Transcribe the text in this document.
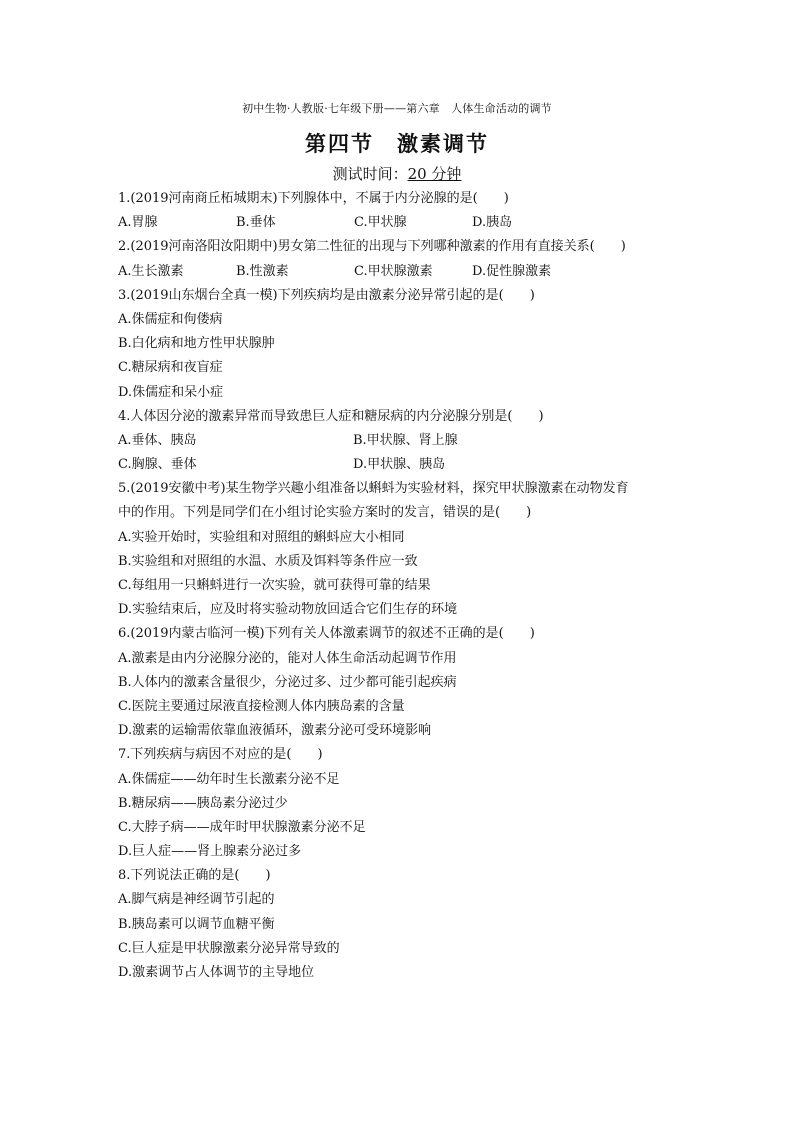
初中生物·人教版·七年级下册——第六章　人体生命活动的调节
第四节　激素调节
测试时间：20 分钟
1.(2019河南商丘柘城期末)下列腺体中，不属于内分泌腺的是(　　)
A.胃腺	B.垂体	C.甲状腺	D.胰岛
2.(2019河南洛阳汝阳期中)男女第二性征的出现与下列哪种激素的作用有直接关系(　　)
A.生长激素	B.性激素	C.甲状腺激素	D.促性腺激素
3.(2019山东烟台全真一模)下列疾病均是由激素分泌异常引起的是(　　)
A.侏儒症和佝偻病
B.白化病和地方性甲状腺肿
C.糖尿病和夜盲症
D.侏儒症和呆小症
4.人体因分泌的激素异常而导致患巨人症和糖尿病的内分泌腺分别是(　　)
A.垂体、胰岛	B.甲状腺、肾上腺
C.胸腺、垂体	D.甲状腺、胰岛
5.(2019安徽中考)某生物学兴趣小组准备以蝌蚪为实验材料，探究甲状腺激素在动物发育
中的作用。下列是同学们在小组讨论实验方案时的发言，错误的是(　　)
A.实验开始时，实验组和对照组的蝌蚪应大小相同
B.实验组和对照组的水温、水质及饵料等条件应一致
C.每组用一只蝌蚪进行一次实验，就可获得可靠的结果
D.实验结束后，应及时将实验动物放回适合它们生存的环境
6.(2019内蒙古临河一模)下列有关人体激素调节的叙述不正确的是(　　)
A.激素是由内分泌腺分泌的，能对人体生命活动起调节作用
B.人体内的激素含量很少，分泌过多、过少都可能引起疾病
C.医院主要通过尿液直接检测人体内胰岛素的含量
D.激素的运输需依靠血液循环，激素分泌可受环境影响
7.下列疾病与病因不对应的是(　　)
A.侏儒症——幼年时生长激素分泌不足
B.糖尿病——胰岛素分泌过少
C.大脖子病——成年时甲状腺激素分泌不足
D.巨人症——肾上腺素分泌过多
8.下列说法正确的是(　　)
A.脚气病是神经调节引起的
B.胰岛素可以调节血糖平衡
C.巨人症是甲状腺激素分泌异常导致的
D.激素调节占人体调节的主导地位
